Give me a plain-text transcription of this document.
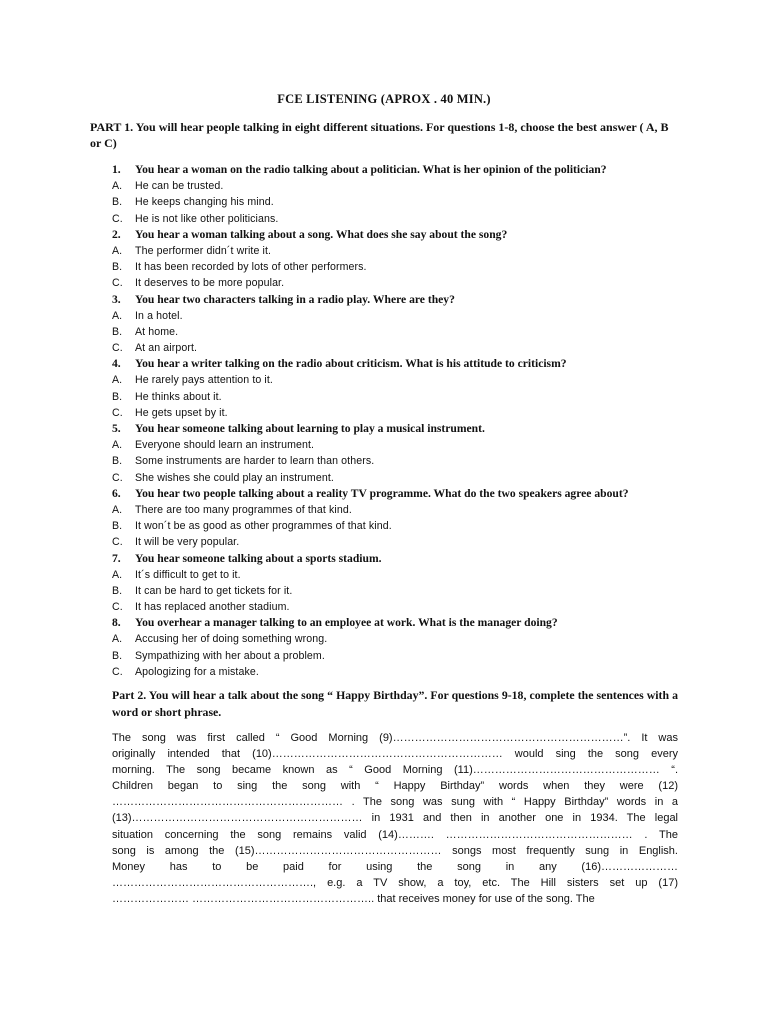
FCE LISTENING (APROX . 40 MIN.)
PART 1. You will hear people talking in eight different situations. For questions 1-8, choose the best answer ( A, B or C)
1.	You hear a woman on the radio talking about a politician. What is her opinion of the politician?
A.	He can be trusted.
B.	He keeps changing his mind.
C.	He is not like other politicians.
2.	You hear a woman talking about a song. What does she say about the song?
A.	The performer didn´t write it.
B.	It has been recorded by lots of other performers.
C.	It deserves to be more popular.
3.	You hear two characters talking in a radio play. Where are they?
A.	In a hotel.
B.	At home.
C.	At an airport.
4.	You hear a writer talking on the radio about criticism. What is his attitude to criticism?
A.	He rarely pays attention to it.
B.	He thinks about it.
C.	He gets upset by it.
5.	You hear someone talking about learning to play a musical instrument.
A.	Everyone should learn an instrument.
B.	Some instruments are harder to learn than others.
C.	She wishes she could play an instrument.
6.	You hear two people talking about a reality TV programme. What do the two speakers agree about?
A.	There are too many programmes of that kind.
B.	It won´t be as good as other programmes of that kind.
C.	It will be very popular.
7.	You hear someone talking about a sports stadium.
A.	It´s difficult to get to it.
B.	It can be hard to get tickets for it.
C.	It has replaced another stadium.
8.	You overhear a manager talking to an employee at work. What is the manager doing?
A.	Accusing her of doing something wrong.
B.	Sympathizing with her about a problem.
C.	Apologizing for a mistake.
Part 2. You will hear a talk about the song “ Happy Birthday”. For questions 9-18, complete the sentences with a word or short phrase.
The song was first called “ Good Morning (9)………………………………………………………”. It was
originally intended that (10)……………………………………………………… would sing the song every
morning. The song became known as “ Good Morning (11)…………………………………………… “.
Children began to sing the song with “ Happy Birthday” words when they were (12)
……………………………………………………… . The song was sung with “ Happy Birthday” words in a
(13)……………………………………………………… in 1931 and then in another one in 1934. The legal
situation concerning the song remains valid (14)………. …………………………………………… . The
song is among the (15)…………………………………………… songs most frequently sung in English.
Money has to be paid for using the song in any (16)…………………
………………………………………………., e.g. a TV show, a toy, etc. The Hill sisters set up (17)
………………… ………………………………………….. that receives money for use of the song. The
